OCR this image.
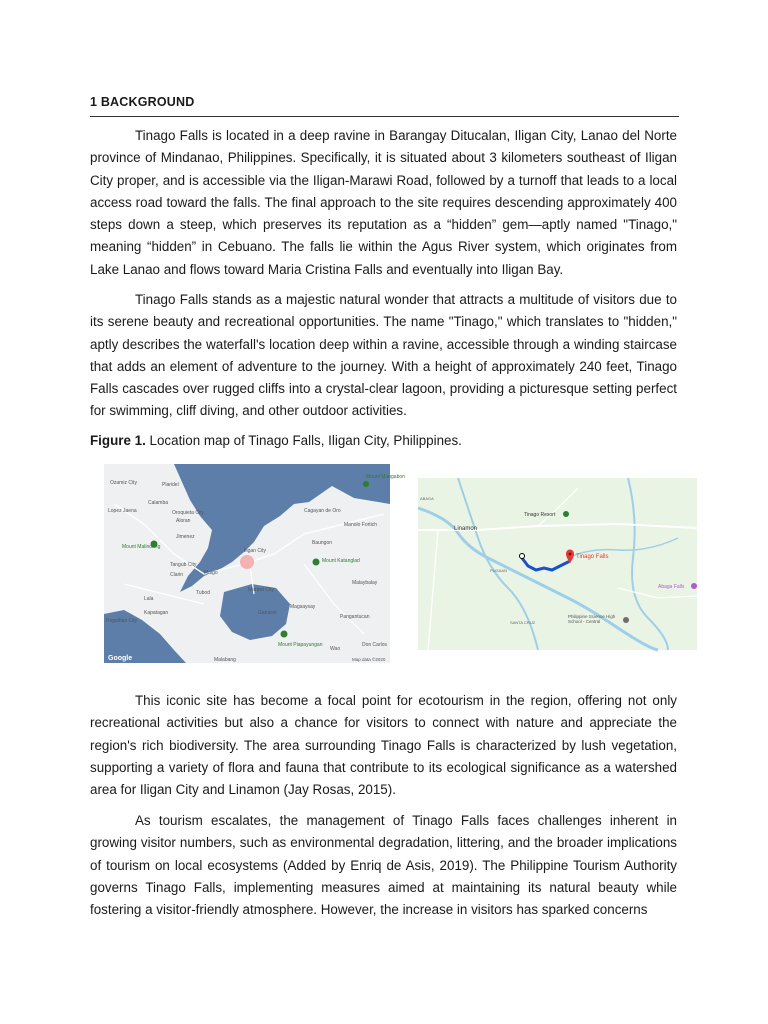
1 BACKGROUND

Tinago Falls is located in a deep ravine in Barangay Ditucalan, Iligan City, Lanao del Norte province of Mindanao, Philippines. Specifically, it is situated about 3 kilometers southeast of Iligan City proper, and is accessible via the Iligan-Marawi Road, followed by a turnoff that leads to a local access road toward the falls. The final approach to the site requires descending approximately 400 steps down a steep, which preserves its reputation as a “hidden” gem—aptly named "Tinago," meaning “hidden” in Cebuano. The falls lie within the Agus River system, which originates from Lake Lanao and flows toward Maria Cristina Falls and eventually into Iligan Bay.

Tinago Falls stands as a majestic natural wonder that attracts a multitude of visitors due to its serene beauty and recreational opportunities. The name "Tinago," which translates to "hidden," aptly describes the waterfall's location deep within a ravine, accessible through a winding staircase that adds an element of adventure to the journey. With a height of approximately 240 feet, Tinago Falls cascades over rugged cliffs into a crystal-clear lagoon, providing a picturesque setting perfect for swimming, cliff diving, and other outdoor activities.

Figure 1. Location map of Tinago Falls, Iligan City, Philippines.

This iconic site has become a focal point for ecotourism in the region, offering not only recreational activities but also a chance for visitors to connect with nature and appreciate the region's rich biodiversity. The area surrounding Tinago Falls is characterized by lush vegetation, supporting a variety of flora and fauna that contribute to its ecological significance as a watershed area for Iligan City and Linamon (Jay Rosas, 2015).

As tourism escalates, the management of Tinago Falls faces challenges inherent in growing visitor numbers, such as environmental degradation, littering, and the broader implications of tourism on local ecosystems (Added by Enriq de Asis, 2019). The Philippine Tourism Authority governs Tinago Falls, implementing measures aimed at maintaining its natural beauty while fostering a visitor-friendly atmosphere. However, the increase in visitors has sparked concerns

Ozamiz City	Plaridel
Calamba
Oroquieta City
Aloran
Mount Malindang
Jimenez
Lopez Jaena
Tangub City
Clarin
Mount Mangabon
Cagayan de Oro
Manolo Fortich
Iligan City
Baungon
Mount Katanglad
Malaybalay
Kapatagan
Marawi City
Tubod
Lala
Maigo
Pagadian City
Malabang
Ganassi
Magsaysay
Mount Piapayungan
Pangantucan
Wao
Don Carlos
Google	Map data ©2020
Linamon
Tinago Falls
Tinago Resort
Abaga Falls
PUGAAN
SANTA CRUZ
Philippine Science High School - Central
ABAGA
